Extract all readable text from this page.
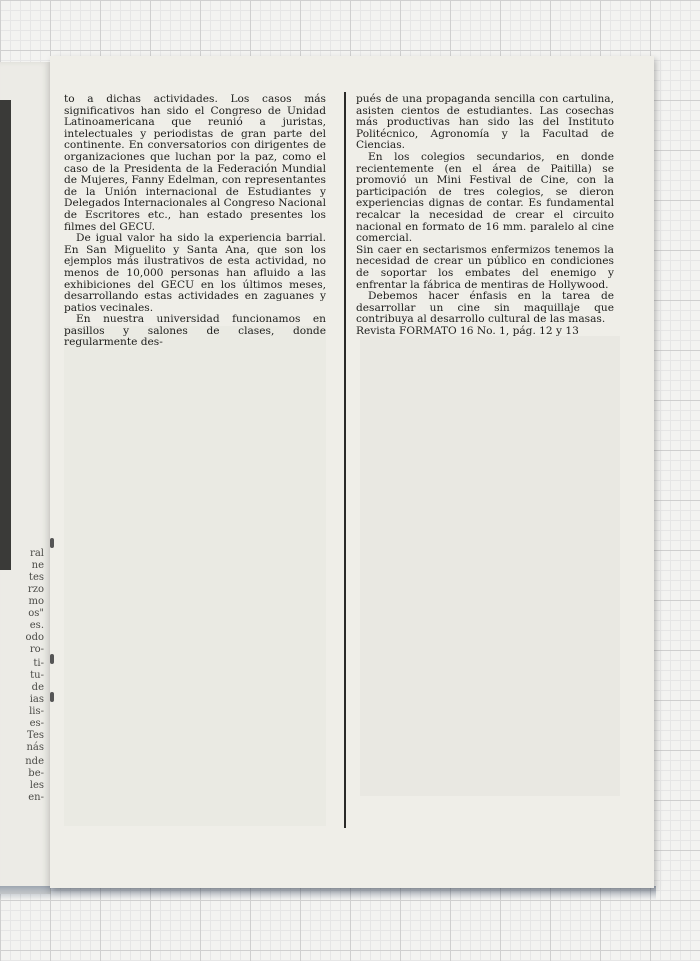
ral
ne
tes
rzo
mo
os"
es.
odo
ro-
ti-
tu-
de
ias
lis-
es-
Tes
nás
nde
be-
les
en-

to a dichas actividades. Los casos más significativos han sido el Congreso de Unidad Latinoamericana que reunió a juristas, intelectuales y periodistas de gran parte del continente. En conversatorios con dirigentes de organizaciones que luchan por la paz, como el caso de la Presidenta de la Federación Mundial de Mujeres, Fanny Edelman, con representantes de la Unión internacional de Estudiantes y Delegados Internacionales al Congreso Nacional de Escritores etc., han estado presentes los filmes del GECU.

De igual valor ha sido la experiencia barrial. En San Miguelito y Santa Ana, que son los ejemplos más ilustrativos de esta actividad, no menos de 10,000 personas han afluido a las exhibiciones del GECU en los últimos meses, desarrollando estas actividades en zaguanes y patios vecinales.

En nuestra universidad funcionamos en pasillos y salones de clases, donde regularmente des-

pués de una propaganda sencilla con cartulina, asisten cientos de estudiantes. Las cosechas más productivas han sido las del Instituto Politécnico, Agronomía y la Facultad de Ciencias.

En los colegios secundarios, en donde recientemente (en el área de Paitilla) se promovió un Mini Festival de Cine, con la participación de tres colegios, se dieron experiencias dignas de contar. Es fundamental recalcar la necesidad de crear el circuito nacional en formato de 16 mm. paralelo al cine comercial.

Sin caer en sectarismos enfermizos tenemos la necesidad de crear un público en condiciones de soportar los embates del enemigo y enfrentar la fábrica de mentiras de Hollywood.

Debemos hacer énfasis en la tarea de desarrollar un cine sin maquillaje que contribuya al desarrollo cultural de las masas.

Revista FORMATO 16 No. 1, pág. 12 y 13
